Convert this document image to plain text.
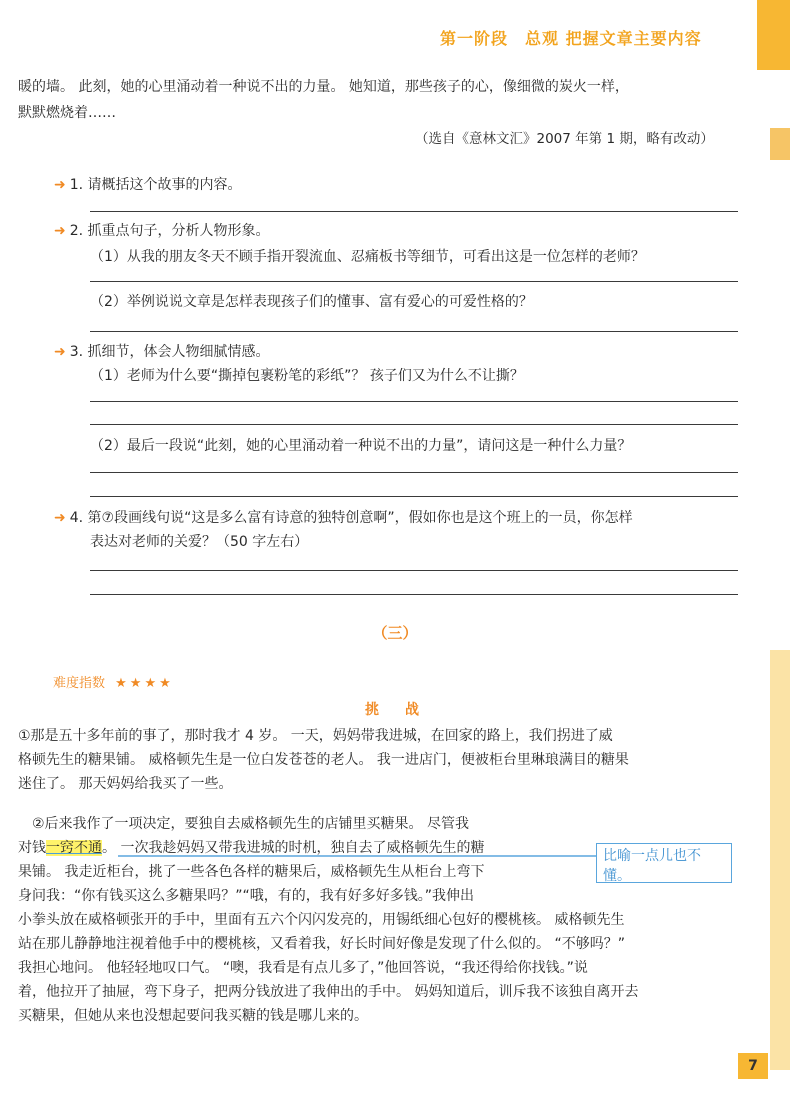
第一阶段　总观 把握文章主要内容
暖的墙。 此刻，她的心里涌动着一种说不出的力量。 她知道，那些孩子的心，像细微的炭火一样，
默默燃烧着……
（选自《意林文汇》2007 年第 1 期，略有改动）
➜ 1. 请概括这个故事的内容。
➜ 2. 抓重点句子，分析人物形象。
（1）从我的朋友冬天不顾手指开裂流血、忍痛板书等细节，可看出这是一位怎样的老师？
（2）举例说说文章是怎样表现孩子们的懂事、富有爱心的可爱性格的？
➜ 3. 抓细节，体会人物细腻情感。
（1）老师为什么要“撕掉包裹粉笔的彩纸”？ 孩子们又为什么不让撕？
（2）最后一段说“此刻，她的心里涌动着一种说不出的力量”，请问这是一种什么力量？
➜ 4. 第⑦段画线句说“这是多么富有诗意的独特创意啊”，假如你也是这个班上的一员，你怎样
表达对老师的关爱？（50 字左右）
（三）
难度指数 ★★★★
挑　战
①那是五十多年前的事了，那时我才 4 岁。 一天，妈妈带我进城，在回家的路上，我们拐进了威
格顿先生的糖果铺。 威格顿先生是一位白发苍苍的老人。 我一进店门，便被柜台里琳琅满目的糖果
迷住了。 那天妈妈给我买了一些。
②后来我作了一项决定，要独自去威格顿先生的店铺里买糖果。 尽管我
对钱一窍不通。 一次我趁妈妈又带我进城的时机，独自去了威格顿先生的糖
果铺。 我走近柜台，挑了一些各色各样的糖果后，威格顿先生从柜台上弯下
身问我：“你有钱买这么多糖果吗？”“哦，有的，我有好多好多钱。”我伸出
小拳头放在威格顿张开的手中，里面有五六个闪闪发亮的，用锡纸细心包好的樱桃核。 威格顿先生
站在那儿静静地注视着他手中的樱桃核，又看着我，好长时间好像是发现了什么似的。 “不够吗？”
我担心地问。 他轻轻地叹口气。 “噢，我看是有点儿多了，”他回答说，“我还得给你找钱。”说
着，他拉开了抽屉，弯下身子，把两分钱放进了我伸出的手中。 妈妈知道后，训斥我不该独自离开去
买糖果，但她从来也没想起要问我买糖的钱是哪儿来的。
比喻一点儿也不懂。
7
